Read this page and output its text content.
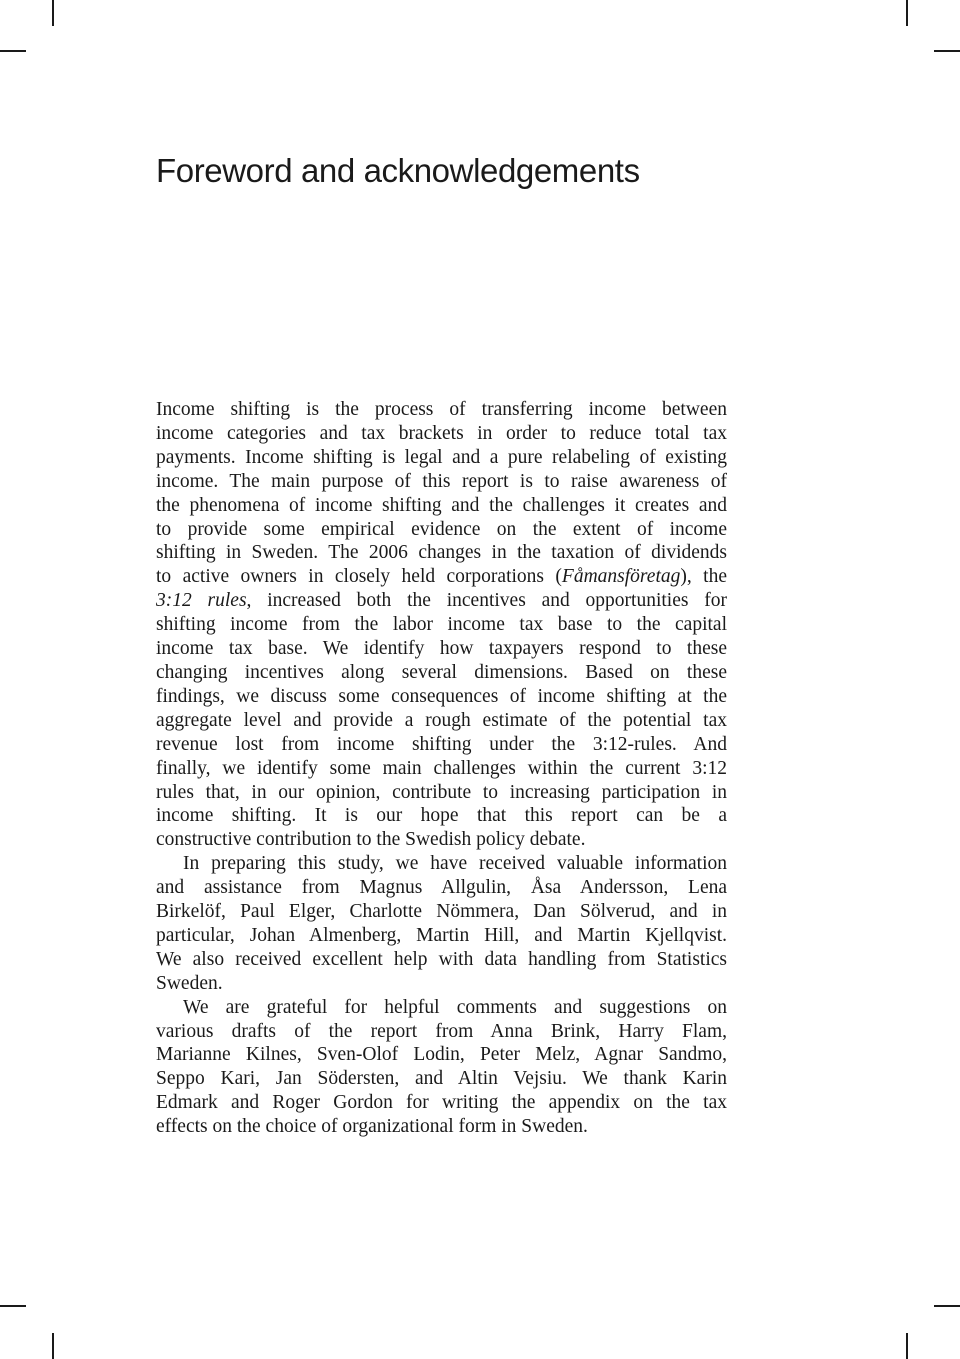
Foreword and acknowledgements

Income shifting is the process of transferring income between

income categories and tax brackets in order to reduce total tax

payments. Income shifting is legal and a pure relabeling of existing

income. The main purpose of this report is to raise awareness of

the phenomena of income shifting and the challenges it creates and

to provide some empirical evidence on the extent of income

shifting in Sweden. The 2006 changes in the taxation of dividends

to active owners in closely held corporations (Fåmansföretag), the

3:12 rules, increased both the incentives and opportunities for

shifting income from the labor income tax base to the capital

income tax base. We identify how taxpayers respond to these

changing incentives along several dimensions. Based on these

findings, we discuss some consequences of income shifting at the

aggregate level and provide a rough estimate of the potential tax

revenue lost from income shifting under the 3:12-rules. And

finally, we identify some main challenges within the current 3:12

rules that, in our opinion, contribute to increasing participation in

income shifting. It is our hope that this report can be a

constructive contribution to the Swedish policy debate.

In preparing this study, we have received valuable information

and assistance from Magnus Allgulin, Åsa Andersson, Lena

Birkelöf, Paul Elger, Charlotte Nömmera, Dan Sölverud, and in

particular, Johan Almenberg, Martin Hill, and Martin Kjellqvist.

We also received excellent help with data handling from Statistics

Sweden.

We are grateful for helpful comments and suggestions on

various drafts of the report from Anna Brink, Harry Flam,

Marianne Kilnes, Sven-Olof Lodin, Peter Melz, Agnar Sandmo,

Seppo Kari, Jan Södersten, and Altin Vejsiu. We thank Karin

Edmark and Roger Gordon for writing the appendix on the tax

effects on the choice of organizational form in Sweden.
